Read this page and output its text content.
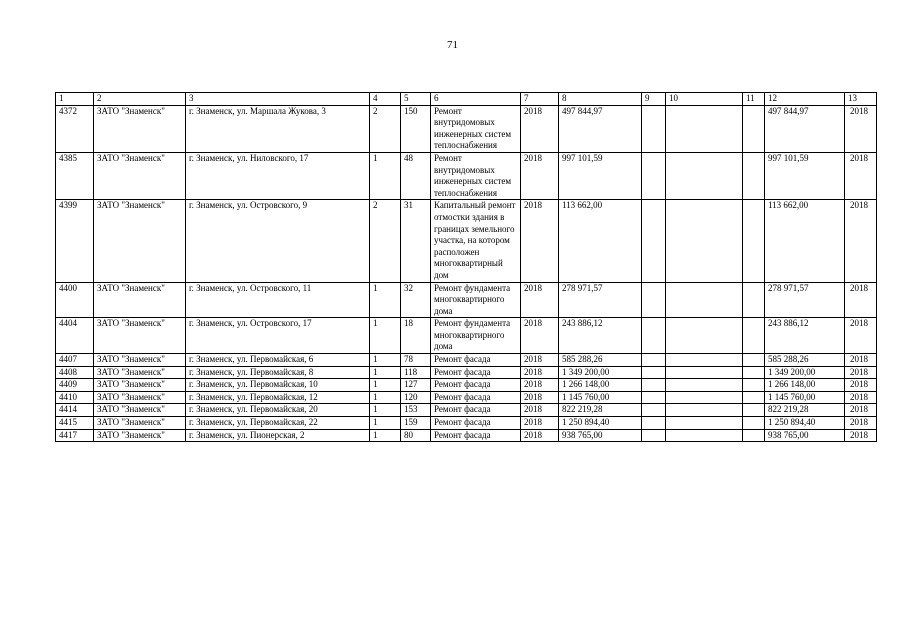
71
1	2	3	4	5	6	7	8	9	10	11	12	13
4372	ЗАТО "Знаменск"	г. Знаменск, ул. Маршала Жукова, 3	2	150	Ремонт внутридомовых инженерных систем теплоснабжения	2018	497 844,97				497 844,97	2018
4385	ЗАТО "Знаменск"	г. Знаменск, ул. Ниловского, 17	1	48	Ремонт внутридомовых инженерных систем теплоснабжения	2018	997 101,59				997 101,59	2018
4399	ЗАТО "Знаменск"	г. Знаменск, ул. Островского, 9	2	31	Капитальный ремонт отмостки здания в границах земельного участка, на котором расположен многоквартирный дом	2018	113 662,00				113 662,00	2018
4400	ЗАТО "Знаменск"	г. Знаменск, ул. Островского, 11	1	32	Ремонт фундамента многоквартирного дома	2018	278 971,57				278 971,57	2018
4404	ЗАТО "Знаменск"	г. Знаменск, ул. Островского, 17	1	18	Ремонт фундамента многоквартирного дома	2018	243 886,12				243 886,12	2018
4407	ЗАТО "Знаменск"	г. Знаменск, ул. Первомайская, 6	1	78	Ремонт фасада	2018	585 288,26				585 288,26	2018
4408	ЗАТО "Знаменск"	г. Знаменск, ул. Первомайская, 8	1	118	Ремонт фасада	2018	1 349 200,00				1 349 200,00	2018
4409	ЗАТО "Знаменск"	г. Знаменск, ул. Первомайская, 10	1	127	Ремонт фасада	2018	1 266 148,00				1 266 148,00	2018
4410	ЗАТО "Знаменск"	г. Знаменск, ул. Первомайская, 12	1	120	Ремонт фасада	2018	1 145 760,00				1 145 760,00	2018
4414	ЗАТО "Знаменск"	г. Знаменск, ул. Первомайская, 20	1	153	Ремонт фасада	2018	822 219,28				822 219,28	2018
4415	ЗАТО "Знаменск"	г. Знаменск, ул. Первомайская, 22	1	159	Ремонт фасада	2018	1 250 894,40				1 250 894,40	2018
4417	ЗАТО "Знаменск"	г. Знаменск, ул. Пионерская, 2	1	80	Ремонт фасада	2018	938 765,00				938 765,00	2018
